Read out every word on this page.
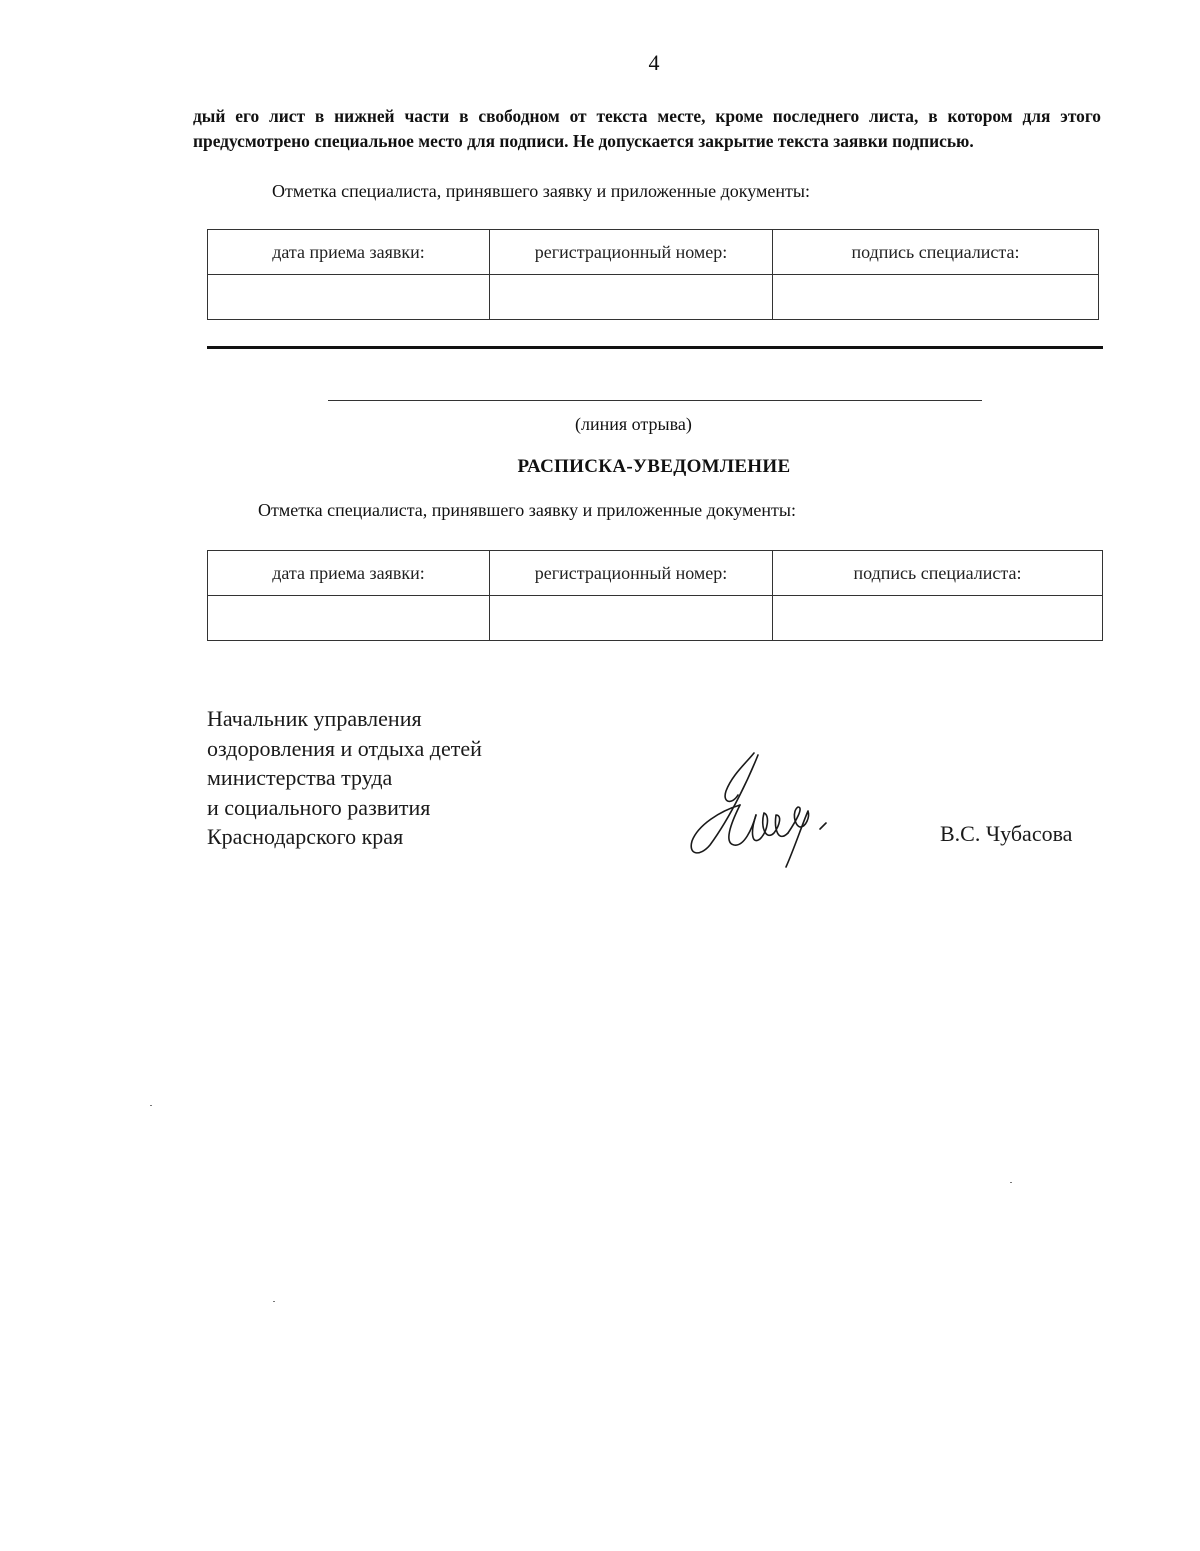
4
дый его лист в нижней части в свободном от текста месте, кроме последнего листа, в котором для этого предусмотрено специальное место для подписи. Не допускается закрытие текста заявки подписью.
Отметка специалиста, принявшего заявку и приложенные документы:
дата приема заявки:	регистрационный номер:	подпись специалиста:

(линия отрыва)
РАСПИСКА-УВЕДОМЛЕНИЕ
Отметка специалиста, принявшего заявку и приложенные документы:
дата приема заявки:	регистрационный номер:	подпись специалиста:

Начальник управления
оздоровления и отдыха детей
министерства труда
и социального развития
Краснодарского края	В.С. Чубасова
